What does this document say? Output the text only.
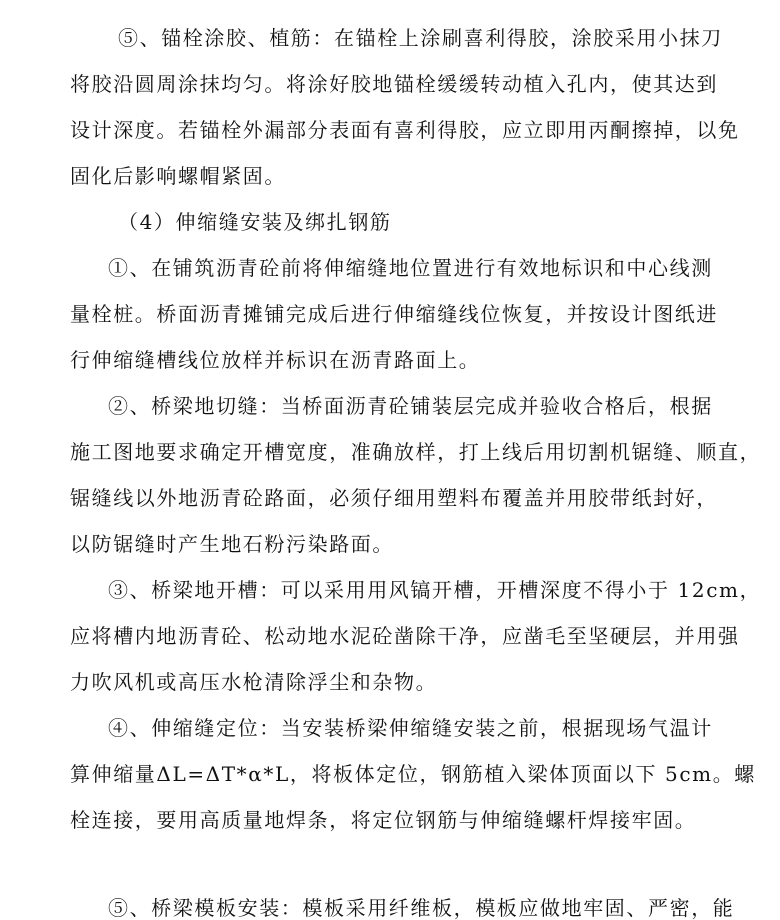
⑤、锚栓涂胶、植筋：在锚栓上涂刷喜利得胶，涂胶采用小抹刀
将胶沿圆周涂抹均匀。将涂好胶地锚栓缓缓转动植入孔内，使其达到
设计深度。若锚栓外漏部分表面有喜利得胶，应立即用丙酮擦掉，以免
固化后影响螺帽紧固。
（4）伸缩缝安装及绑扎钢筋
①、在铺筑沥青砼前将伸缩缝地位置进行有效地标识和中心线测
量栓桩。桥面沥青摊铺完成后进行伸缩缝线位恢复，并按设计图纸进
行伸缩缝槽线位放样并标识在沥青路面上。
②、桥梁地切缝：当桥面沥青砼铺装层完成并验收合格后，根据
施工图地要求确定开槽宽度，准确放样，打上线后用切割机锯缝、顺直，
锯缝线以外地沥青砼路面，必须仔细用塑料布覆盖并用胶带纸封好，
以防锯缝时产生地石粉污染路面。
③、桥梁地开槽：可以采用用风镐开槽，开槽深度不得小于 12cm，
应将槽内地沥青砼、松动地水泥砼凿除干净，应凿毛至坚硬层，并用强
力吹风机或高压水枪清除浮尘和杂物。
④、伸缩缝定位：当安装桥梁伸缩缝安装之前，根据现场气温计
算伸缩量ΔL=ΔT*α*L，将板体定位，钢筋植入梁体顶面以下 5cm。螺
栓连接，要用高质量地焊条，将定位钢筋与伸缩缝螺杆焊接牢固。
⑤、桥梁模板安装：模板采用纤维板，模板应做地牢固、严密，能
